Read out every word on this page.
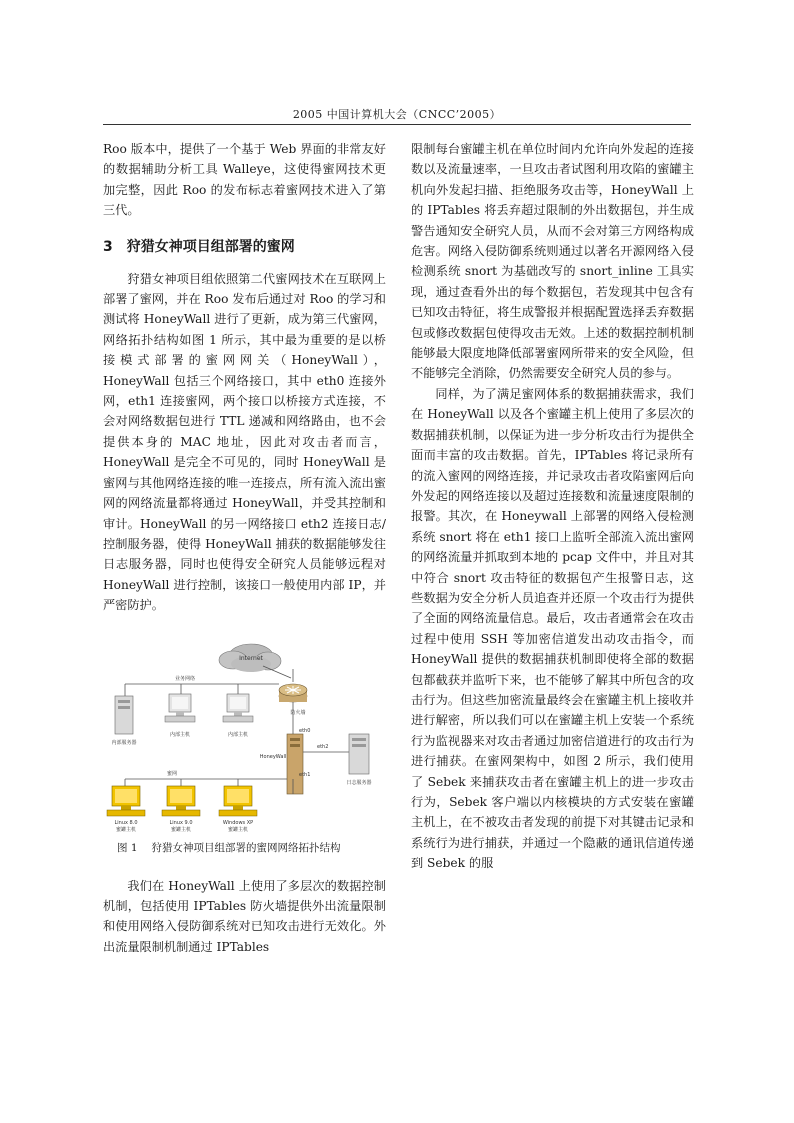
2005 中国计算机大会（CNCC’2005）

Roo 版本中，提供了一个基于 Web 界面的非常友好的数据辅助分析工具 Walleye，这使得蜜网技术更加完整，因此 Roo 的发布标志着蜜网技术进入了第三代。

3 狩猎女神项目组部署的蜜网

狩猎女神项目组依照第二代蜜网技术在互联网上部署了蜜网，并在 Roo 发布后通过对 Roo 的学习和测试将 HoneyWall 进行了更新，成为第三代蜜网，网络拓扑结构如图 1 所示，其中最为重要的是以桥接模式部署的蜜网网关（HoneyWall），HoneyWall 包括三个网络接口，其中 eth0 连接外网，eth1 连接蜜网，两个接口以桥接方式连接，不会对网络数据包进行 TTL 递减和网络路由，也不会提供本身的 MAC 地址，因此对攻击者而言，HoneyWall 是完全不可见的，同时 HoneyWall 是蜜网与其他网络连接的唯一连接点，所有流入流出蜜网的网络流量都将通过 HoneyWall，并受其控制和审计。HoneyWall 的另一网络接口 eth2 连接日志/控制服务器，使得 HoneyWall 捕获的数据能够发往日志服务器，同时也使得安全研究人员能够远程对 HoneyWall 进行控制，该接口一般使用内部 IP，并严密防护。

Internet
防火墙
业务网络
内部服务器
内部主机	内部主机
eth0
HoneyWall
eth2
日志服务器
eth1
蜜网
Linux 8.0
蜜罐主机
Linux 9.0
蜜罐主机
Windows XP
蜜罐主机

图 1 狩猎女神项目组部署的蜜网网络拓扑结构

我们在 HoneyWall 上使用了多层次的数据控制机制，包括使用 IPTables 防火墙提供外出流量限制和使用网络入侵防御系统对已知攻击进行无效化。外出流量限制机制通过 IPTables

限制每台蜜罐主机在单位时间内允许向外发起的连接数以及流量速率，一旦攻击者试图利用攻陷的蜜罐主机向外发起扫描、拒绝服务攻击等，HoneyWall 上的 IPTables 将丢弃超过限制的外出数据包，并生成警告通知安全研究人员，从而不会对第三方网络构成危害。网络入侵防御系统则通过以著名开源网络入侵检测系统 snort 为基础改写的 snort_inline 工具实现，通过查看外出的每个数据包，若发现其中包含有已知攻击特征，将生成警报并根据配置选择丢弃数据包或修改数据包使得攻击无效。上述的数据控制机制能够最大限度地降低部署蜜网所带来的安全风险，但不能够完全消除，仍然需要安全研究人员的参与。

同样，为了满足蜜网体系的数据捕获需求，我们在 HoneyWall 以及各个蜜罐主机上使用了多层次的数据捕获机制，以保证为进一步分析攻击行为提供全面而丰富的攻击数据。首先，IPTables 将记录所有的流入蜜网的网络连接，并记录攻击者攻陷蜜网后向外发起的网络连接以及超过连接数和流量速度限制的报警。其次，在 Honeywall 上部署的网络入侵检测系统 snort 将在 eth1 接口上监听全部流入流出蜜网的网络流量并抓取到本地的 pcap 文件中，并且对其中符合 snort 攻击特征的数据包产生报警日志，这些数据为安全分析人员追查并还原一个攻击行为提供了全面的网络流量信息。最后，攻击者通常会在攻击过程中使用 SSH 等加密信道发出动攻击指令，而 HoneyWall 提供的数据捕获机制即使将全部的数据包都截获并监听下来，也不能够了解其中所包含的攻击行为。但这些加密流量最终会在蜜罐主机上接收并进行解密，所以我们可以在蜜罐主机上安装一个系统行为监视器来对攻击者通过加密信道进行的攻击行为进行捕获。在蜜网架构中，如图 2 所示，我们使用了 Sebek 来捕获攻击者在蜜罐主机上的进一步攻击行为，Sebek 客户端以内核模块的方式安装在蜜罐主机上，在不被攻击者发现的前提下对其键击记录和系统行为进行捕获，并通过一个隐蔽的通讯信道传递到 Sebek 的服
